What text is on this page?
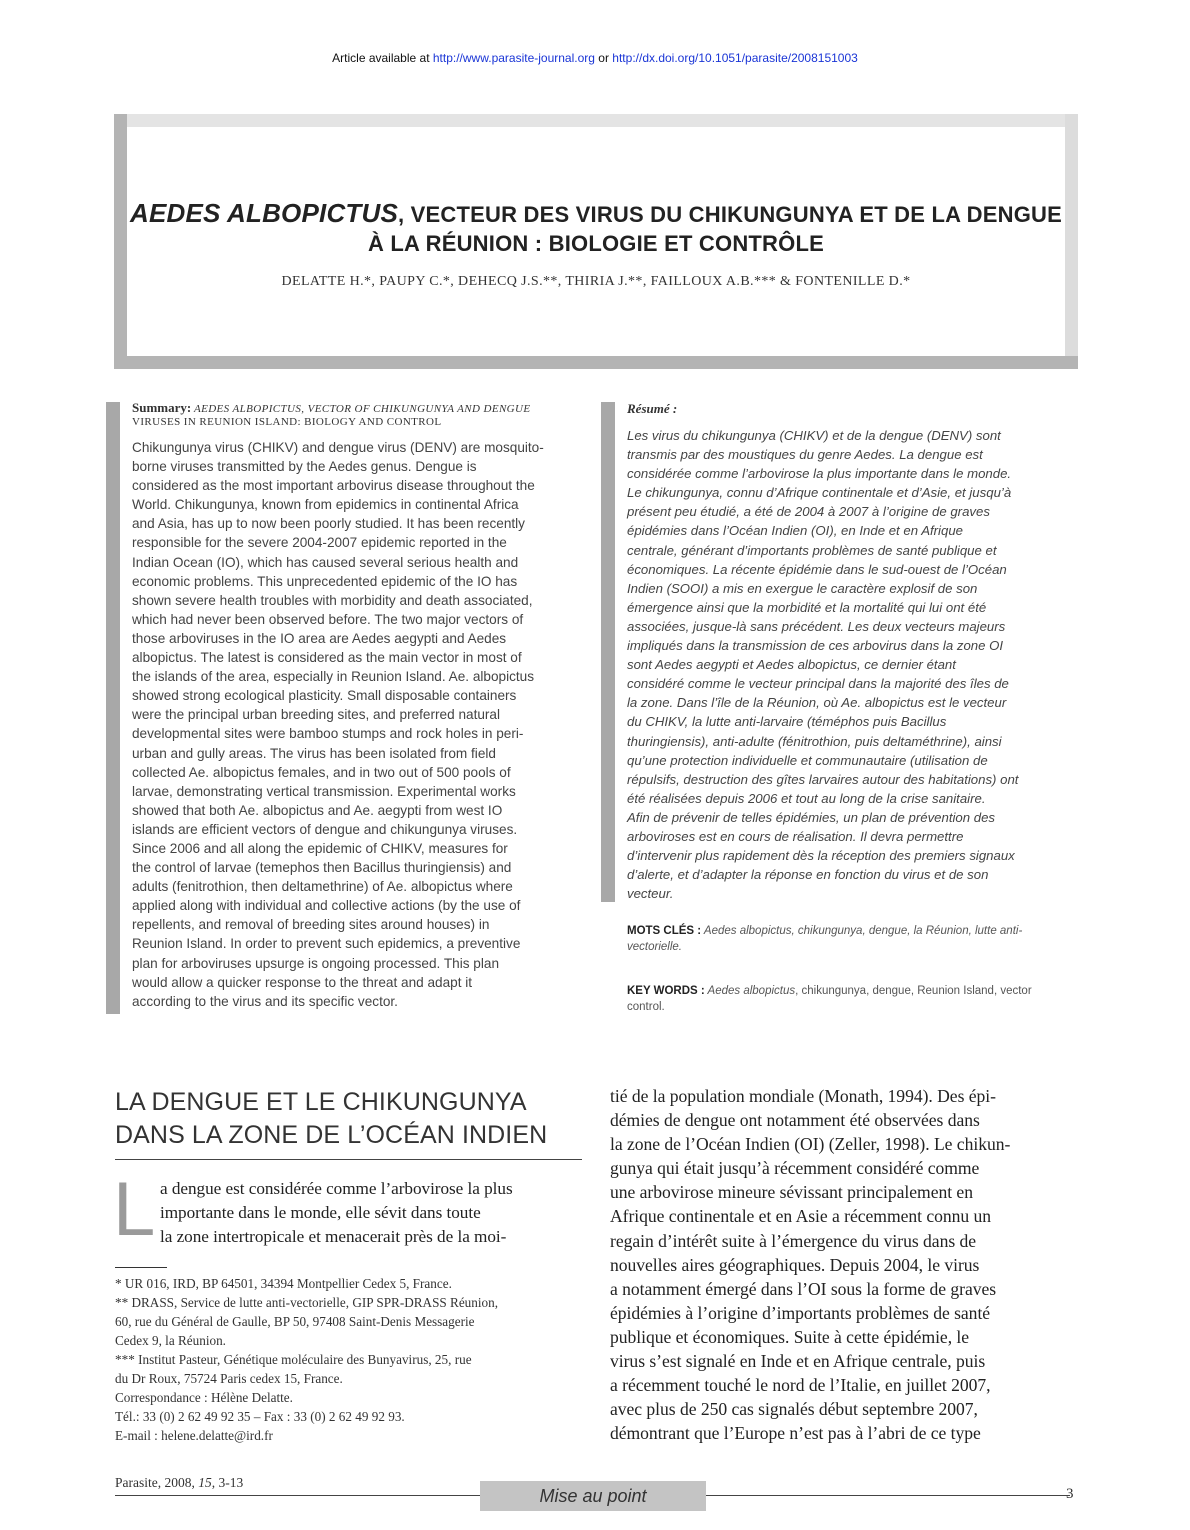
Article available at http://www.parasite-journal.org or http://dx.doi.org/10.1051/parasite/2008151003
AEDES ALBOPICTUS, VECTEUR DES VIRUS DU CHIKUNGUNYA ET DE LA DENGUE
À LA RÉUNION : BIOLOGIE ET CONTRÔLE
DELATTE H.*, PAUPY C.*, DEHECQ J.S.**, THIRIA J.**, FAILLOUX A.B.*** & FONTENILLE D.*
Summary: AEDES ALBOPICTUS, VECTOR OF CHIKUNGUNYA AND DENGUE
VIRUSES IN REUNION ISLAND: BIOLOGY AND CONTROL
Chikungunya virus (CHIKV) and dengue virus (DENV) are mosquito-
borne viruses transmitted by the Aedes genus. Dengue is
considered as the most important arbovirus disease throughout the
World. Chikungunya, known from epidemics in continental Africa
and Asia, has up to now been poorly studied. It has been recently
responsible for the severe 2004-2007 epidemic reported in the
Indian Ocean (IO), which has caused several serious health and
economic problems. This unprecedented epidemic of the IO has
shown severe health troubles with morbidity and death associated,
which had never been observed before. The two major vectors of
those arboviruses in the IO area are Aedes aegypti and Aedes
albopictus. The latest is considered as the main vector in most of
the islands of the area, especially in Reunion Island. Ae. albopictus
showed strong ecological plasticity. Small disposable containers
were the principal urban breeding sites, and preferred natural
developmental sites were bamboo stumps and rock holes in peri-
urban and gully areas. The virus has been isolated from field
collected Ae. albopictus females, and in two out of 500 pools of
larvae, demonstrating vertical transmission. Experimental works
showed that both Ae. albopictus and Ae. aegypti from west IO
islands are efficient vectors of dengue and chikungunya viruses.
Since 2006 and all along the epidemic of CHIKV, measures for
the control of larvae (temephos then Bacillus thuringiensis) and
adults (fenitrothion, then deltamethrine) of Ae. albopictus where
applied along with individual and collective actions (by the use of
repellents, and removal of breeding sites around houses) in
Reunion Island. In order to prevent such epidemics, a preventive
plan for arboviruses upsurge is ongoing processed. This plan
would allow a quicker response to the threat and adapt it
according to the virus and its specific vector.
Résumé :
Les virus du chikungunya (CHIKV) et de la dengue (DENV) sont
transmis par des moustiques du genre Aedes. La dengue est
considérée comme l’arbovirose la plus importante dans le monde.
Le chikungunya, connu d’Afrique continentale et d’Asie, et jusqu’à
présent peu étudié, a été de 2004 à 2007 à l’origine de graves
épidémies dans l’Océan Indien (OI), en Inde et en Afrique
centrale, générant d’importants problèmes de santé publique et
économiques. La récente épidémie dans le sud-ouest de l’Océan
Indien (SOOI) a mis en exergue le caractère explosif de son
émergence ainsi que la morbidité et la mortalité qui lui ont été
associées, jusque-là sans précédent. Les deux vecteurs majeurs
impliqués dans la transmission de ces arbovirus dans la zone OI
sont Aedes aegypti et Aedes albopictus, ce dernier étant
considéré comme le vecteur principal dans la majorité des îles de
la zone. Dans l’île de la Réunion, où Ae. albopictus est le vecteur
du CHIKV, la lutte anti-larvaire (téméphos puis Bacillus
thuringiensis), anti-adulte (fénitrothion, puis deltaméthrine), ainsi
qu’une protection individuelle et communautaire (utilisation de
répulsifs, destruction des gîtes larvaires autour des habitations) ont
été réalisées depuis 2006 et tout au long de la crise sanitaire.
Afin de prévenir de telles épidémies, un plan de prévention des
arboviroses est en cours de réalisation. Il devra permettre
d’intervenir plus rapidement dès la réception des premiers signaux
d’alerte, et d’adapter la réponse en fonction du virus et de son
vecteur.
MOTS CLÉS : Aedes albopictus, chikungunya, dengue, la Réunion, lutte anti-
vectorielle.
KEY WORDS : Aedes albopictus, chikungunya, dengue, Reunion Island, vector
control.
LA DENGUE ET LE CHIKUNGUNYA
DANS LA ZONE DE L’OCÉAN INDIEN
L a dengue est considérée comme l’arbovirose la plus
importante dans le monde, elle sévit dans toute
la zone intertropicale et menacerait près de la moi-
* UR 016, IRD, BP 64501, 34394 Montpellier Cedex 5, France.
** DRASS, Service de lutte anti-vectorielle, GIP SPR-DRASS Réunion,
60, rue du Général de Gaulle, BP 50, 97408 Saint-Denis Messagerie
Cedex 9, la Réunion.
*** Institut Pasteur, Génétique moléculaire des Bunyavirus, 25, rue
du Dr Roux, 75724 Paris cedex 15, France.
Correspondance : Hélène Delatte.
Tél.: 33 (0) 2 62 49 92 35 – Fax : 33 (0) 2 62 49 92 93.
E-mail : helene.delatte@ird.fr
tié de la population mondiale (Monath, 1994). Des épi-
démies de dengue ont notamment été observées dans
la zone de l’Océan Indien (OI) (Zeller, 1998). Le chikun-
gunya qui était jusqu’à récemment considéré comme
une arbovirose mineure sévissant principalement en
Afrique continentale et en Asie a récemment connu un
regain d’intérêt suite à l’émergence du virus dans de
nouvelles aires géographiques. Depuis 2004, le virus
a notamment émergé dans l’OI sous la forme de graves
épidémies à l’origine d’importants problèmes de santé
publique et économiques. Suite à cette épidémie, le
virus s’est signalé en Inde et en Afrique centrale, puis
a récemment touché le nord de l’Italie, en juillet 2007,
avec plus de 250 cas signalés début septembre 2007,
démontrant que l’Europe n’est pas à l’abri de ce type
Parasite, 2008, 15, 3-13
Mise au point	3
